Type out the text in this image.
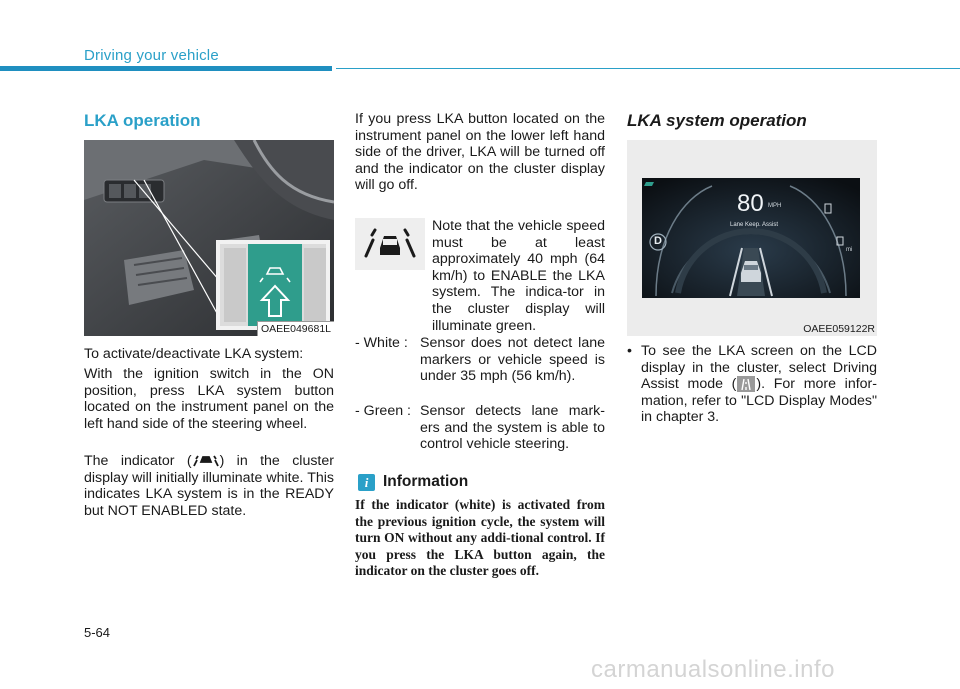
Driving your vehicle
LKA operation
OAEE049681L
To activate/deactivate LKA system:
With the ignition switch in the ON position, press LKA system button located on the instrument panel on the left hand side of the steering wheel.
The indicator ( ) in the cluster display will initially illuminate white. This indicates LKA system is in the READY but NOT ENABLED state.
If you press LKA button located on the instrument panel on the lower left hand side of the driver, LKA will be turned off and the indicator on the cluster display will go off.
Note that the vehicle speed must be at least approximately 40 mph (64 km/h) to ENABLE the LKA system. The indica-tor in the cluster display will illuminate green.
- White : Sensor does not detect lane markers or vehicle speed is under 35 mph (56 km/h).
- Green : Sensor detects lane mark-ers and the system is able to control vehicle steering.
i Information
If the indicator (white) is activated from the previous ignition cycle, the system will turn ON without any addi-tional control. If you press the LKA button again, the indicator on the cluster goes off.
LKA system operation
80 MPH
Lane Keep. Assist
D
mi
OAEE059122R
• To see the LKA screen on the LCD display in the cluster, select Driving Assist mode ( ). For more infor-mation, refer to "LCD Display Modes" in chapter 3.
5-64
carmanualsonline.info
